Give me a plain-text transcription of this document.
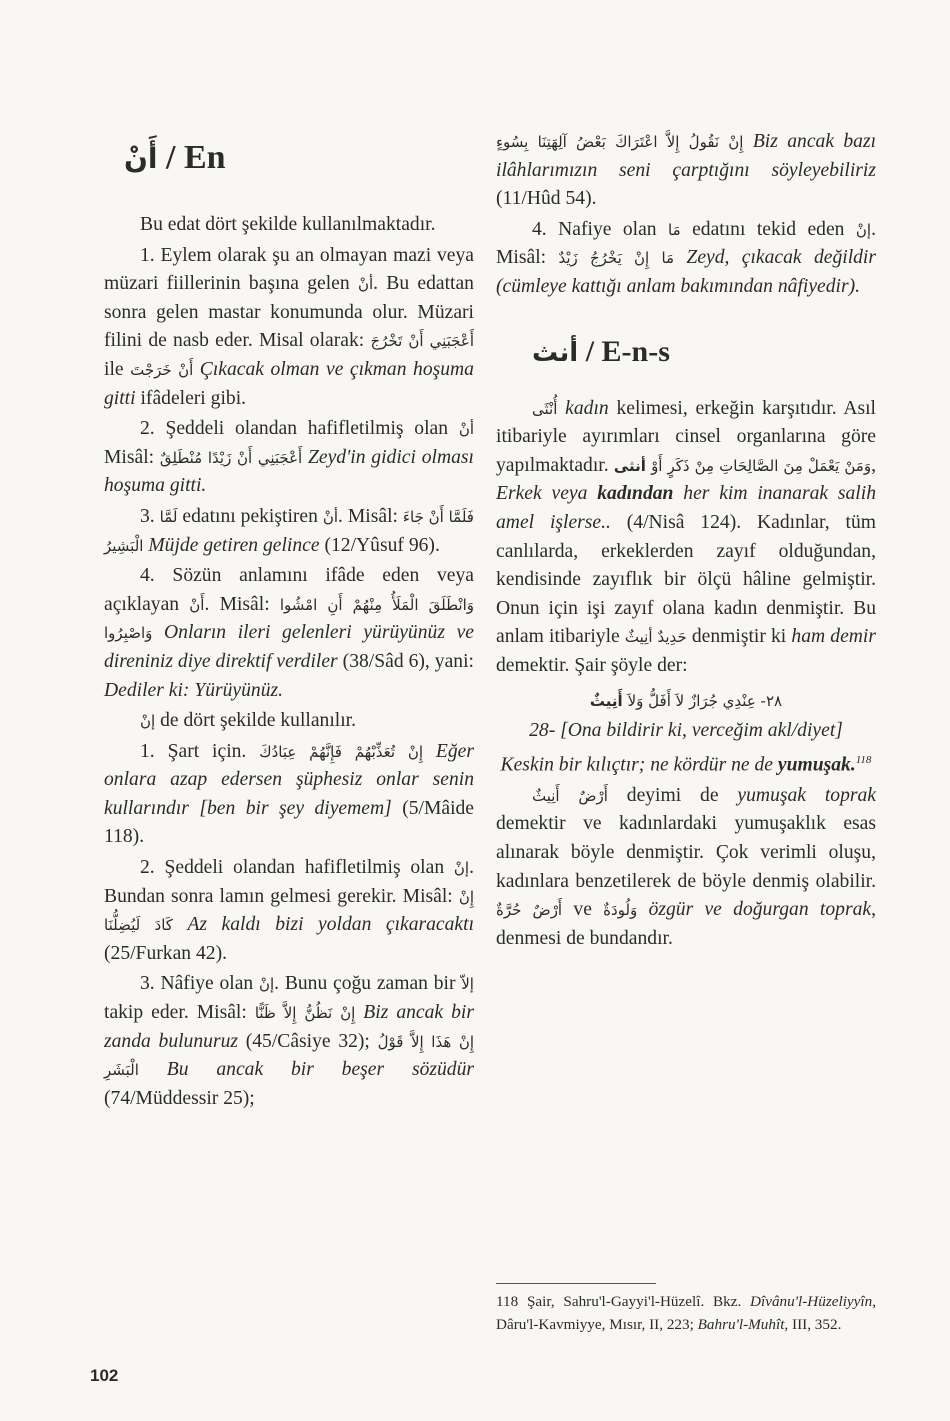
أَنْ / En

Bu edat dört şekilde kullanılmaktadır.

1. Eylem olarak şu an olmayan mazi veya müzari fiillerinin başına gelen أنْ. Bu edattan sonra gelen mastar konumunda olur. Müzari filini de nasb eder. Misal olarak: أَعْجَبَنِي أَنْ تَخْرُجَ ile أَنْ خَرَجْتَ Çıkacak olman ve çıkman hoşuma gitti ifâdeleri gibi.

2. Şeddeli olandan hafifletilmiş olan أنْ Misâl: أَعْجَبَنِي أَنْ زَيْدًا مُنْطَلِقٌ Zeyd'in gidici olması hoşuma gitti.

3. لَمَّا edatını pekiştiren أنْ. Misâl: فَلَمَّا أَنْ جَاءَ الْبَشِيرُ Müjde getiren gelince (12/Yûsuf 96).

4. Sözün anlamını ifâde eden veya açıklayan أَنْ. Misâl: وَانْطَلَقَ الْمَلَأُ مِنْهُمْ أَنِ امْشُوا وَاصْبِرُوا Onların ileri gelenleri yürüyünüz ve direniniz diye direktif verdiler (38/Sâd 6), yani: Dediler ki: Yürüyünüz.

إنْ de dört şekilde kullanılır.

1. Şart için. إِنْ تُعَذِّبْهُمْ فَإِنَّهُمْ عِبَادُكَ Eğer onlara azap edersen şüphesiz onlar senin kullarındır [ben bir şey diyemem] (5/Mâide 118).

2. Şeddeli olandan hafifletilmiş olan إنْ. Bundan sonra lamın gelmesi gerekir. Misâl: إِنْ كَادَ لَيُضِلُّنَا Az kaldı bizi yoldan çıkaracaktı (25/Furkan 42).

3. Nâfiye olan إنْ. Bunu çoğu zaman bir إلاّ takip eder. Misâl: إِنْ نَظُنُّ إِلاَّ ظَنًّا Biz ancak bir zanda bulunuruz (45/Câsiye 32); إِنْ هَذَا إِلاَّ قَوْلُ الْبَشَرِ Bu ancak bir beşer sözüdür (74/Müddessir 25);

إِنْ نَقُولُ إِلاَّ اعْتَرَاكَ بَعْضُ آلِهَتِنَا بِسُوءٍ Biz ancak bazı ilâhlarımızın seni çarptığını söyleyebiliriz (11/Hûd 54).

4. Nafiye olan مَا edatını tekid eden إنْ. Misâl: مَا إِنْ يَخْرُجُ زَيْدٌ Zeyd, çıkacak değildir (cümleye kattığı anlam bakımından nâfiyedir).

أنث / E-n-s

أُنْثَى kadın kelimesi, erkeğin karşıtıdır. Asıl itibariyle ayırımları cinsel organlarına göre yapılmaktadır.	وَمَنْ يَعْمَلْ مِنَ الصَّالِحَاتِ مِنْ ذَكَرٍ أَوْ أنثى	, Erkek veya kadından her kim inanarak salih amel işlerse.. (4/Nisâ 124). Kadınlar, tüm canlılarda, erkeklerden zayıf olduğundan, kendisinde zayıflık bir ölçü hâline gelmiştir. Onun için işi zayıf olana kadın denmiştir. Bu anlam itibariyle حَدِيدٌ أنِيثٌ denmiştir ki ham demir demektir. Şair şöyle der:

٢٨- عِنْدِي جُرَازٌ لاَ أَفَلُّ وَلاَ أَنِيثٌ

28- [Ona bildirir ki, verceğim akl/diyet]

Keskin bir kılıçtır; ne kördür ne de yumuşak.$^{118}$

أَرْضٌ أَنِيثٌ deyimi de yumuşak toprak demektir ve kadınlardaki yumuşaklık esas alınarak böyle denmiştir. Çok verimli oluşu, kadınlara benzetilerek de böyle denmiş olabilir. أَرْضٌ حُرَّةٌ ve وَلُودَةٌ özgür ve doğurgan toprak, denmesi de bundandır.

118 Şair, Sahru'l-Gayyi'l-Hüzelî. Bkz. Dîvânu'l-Hüzeliyyîn, Dâru'l-Kavmiyye, Mısır, II, 223; Bahru'l-Muhît, III, 352.
102
